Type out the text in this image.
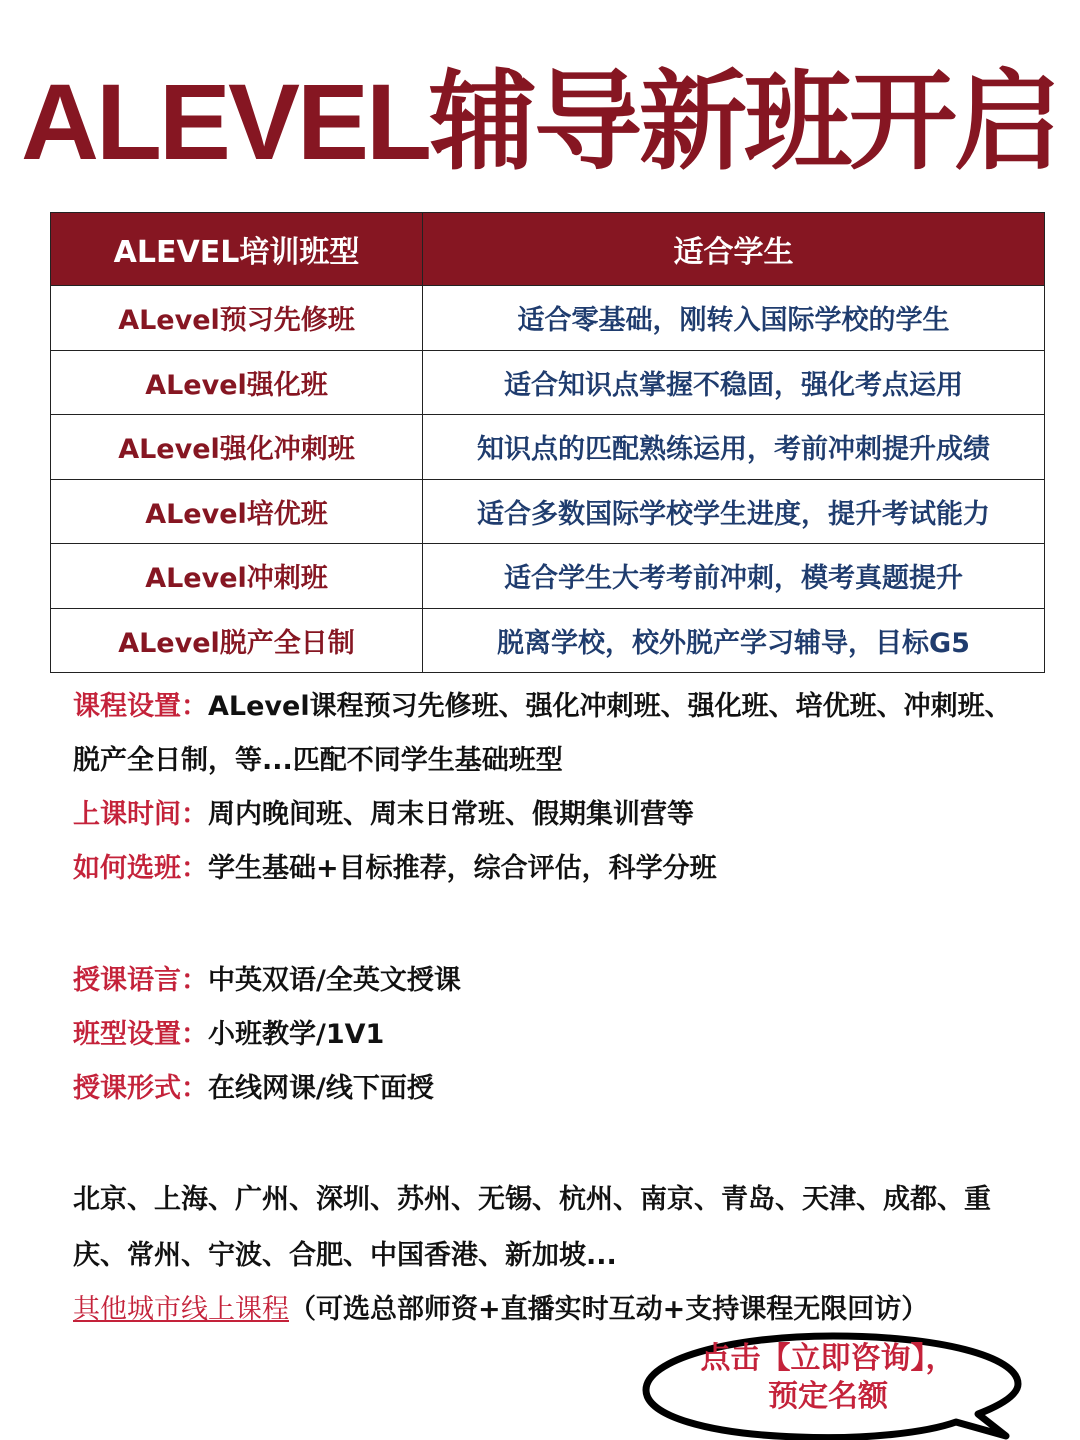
ALEVEL辅导新班开启
ALEVEL培训班型	适合学生
ALevel预习先修班	适合零基础，刚转入国际学校的学生
ALevel强化班	适合知识点掌握不稳固，强化考点运用
ALevel强化冲刺班	知识点的匹配熟练运用，考前冲刺提升成绩
ALevel培优班	适合多数国际学校学生进度，提升考试能力
ALevel冲刺班	适合学生大考考前冲刺，模考真题提升
ALevel脱产全日制	脱离学校，校外脱产学习辅导，目标G5
课程设置：ALevel课程预习先修班、强化冲刺班、强化班、培优班、冲刺班、脱产全日制，等...匹配不同学生基础班型
上课时间：周内晚间班、周末日常班、假期集训营等
如何选班：学生基础+目标推荐，综合评估，科学分班
授课语言：中英双语/全英文授课
班型设置：小班教学/1V1
授课形式：在线网课/线下面授
北京、上海、广州、深圳、苏州、无锡、杭州、南京、青岛、天津、成都、重庆、常州、宁波、合肥、中国香港、新加坡...
其他城市线上课程（可选总部师资+直播实时互动+支持课程无限回访）
点击【立即咨询】，
预定名额
